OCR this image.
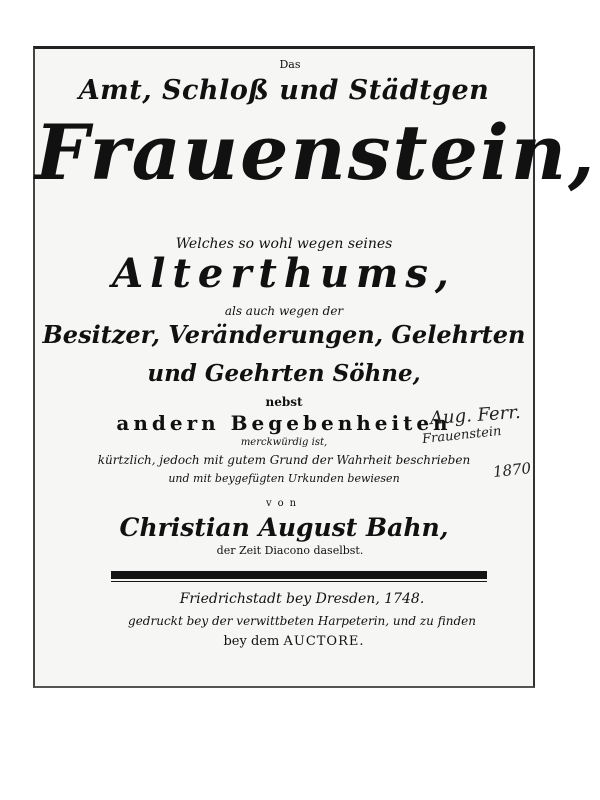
Das
Amt, Schloß und Städtgen
Frauenstein,
Welches so wohl wegen seines
Alterthums,
als auch wegen der
Besitzer, Veränderungen, Gelehrten
und Geehrten Söhne,
nebst
andern Begebenheiten
merckwürdig ist,
kürtzlich, jedoch mit gutem Grund der Wahrheit beschrieben
und mit beygefügten Urkunden bewiesen
von
Christian August Bahn,
der Zeit Diacono daselbst.
Friedrichstadt bey Dresden, 1748.
gedruckt bey der verwittbeten Harpeterin, und zu finden
bey dem AUCTORE.
Aug. Ferr.
Frauenstein
1870
